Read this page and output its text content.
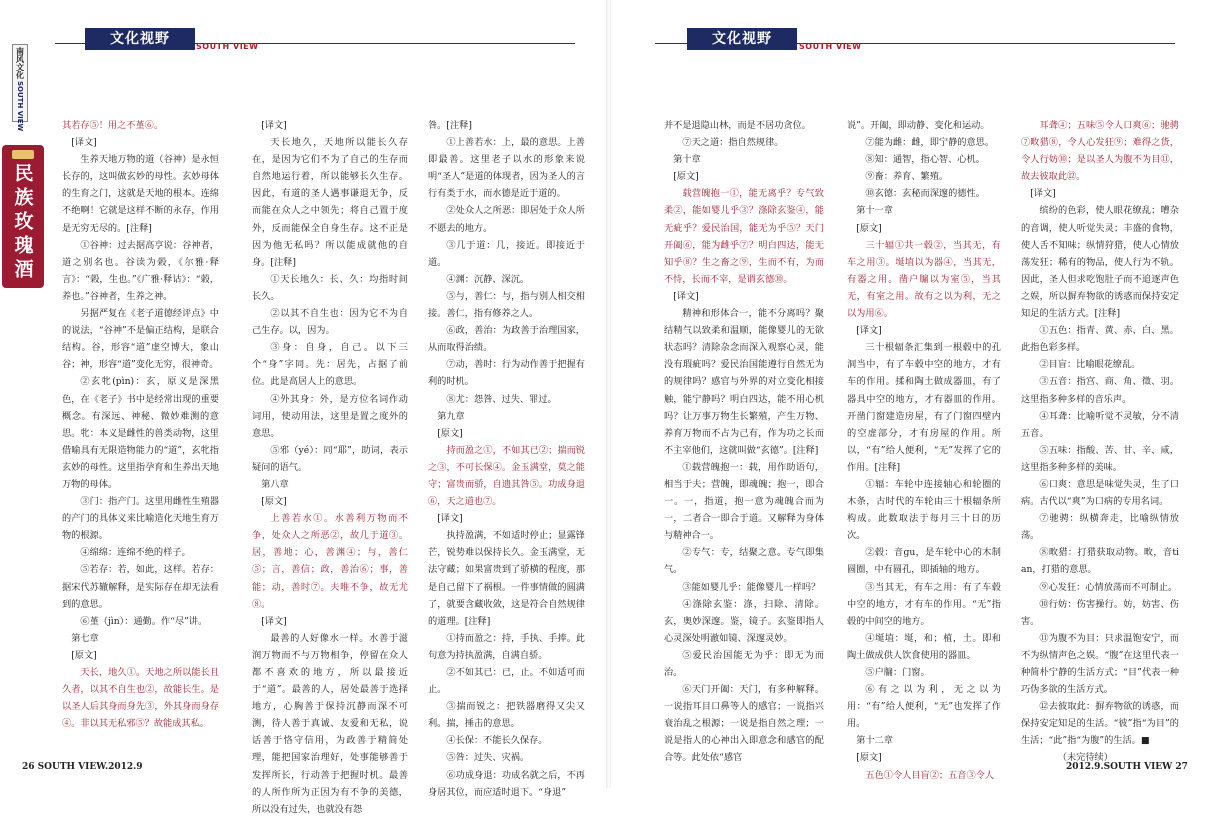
文化视野	SOUTH VIEW
南风文化
SOUTH VIEW
民族玫瑰酒

其若存⑤！用之不堇⑥。

[译文]

生养天地万物的道（谷神）是永恒长存的，这叫做玄妙的母性。玄妙母体的生育之门，这就是天地的根本。连绵不绝啊！它就是这样不断的永存，作用是无穷无尽的。[注释]

①谷神：过去据高亨说：谷神者，道之别名也。谷读为榖，《尔雅·释言》：“榖，生也。”《广雅·释诂》：“榖，养也。”谷神者，生养之神。

另据严复在《老子道德经评点》中的说法，“谷神”不是偏正结构，是联合结构。谷，形容“道”虚空博大，象山谷；神，形容“道”变化无穷，很神奇。

②玄牝(pìn)：玄，原义是深黑色，在《老子》书中是经常出现的重要概念。有深远、神秘、微妙难测的意思。牝：本义是雌性的兽类动物，这里借喻具有无限造物能力的“道”，玄牝指玄妙的母性。这里指孕育和生养出天地万物的母体。

③门：指产门。这里用雌性生殖器的产门的具体义来比喻造化天地生育万物的根源。

④绵绵：连绵不绝的样子。

⑤若存：若，如此，这样。若存：据宋代苏辙解释，是实际存在却无法看到的意思。

⑥堇（jìn）：通勤。作“尽”讲。

第七章

[原文]

天长，地久①。天地之所以能长且久者，以其不自生也②，故能长生。是以圣人后其身而身先③，外其身而身存④。非以其无私邪⑤？故能成其私。

[译文]

天长地久，天地所以能长久存在，是因为它们不为了自己的生存而自然地运行着，所以能够长久生存。因此，有道的圣人遇事谦退无争，反而能在众人之中领先；将自己置于度外，反而能保全自身生存。这不正是因为他无私吗？所以能成就他的自身。[注释]

①天长地久：长、久：均指时间长久。

②以其不自生也：因为它不为自己生存。以，因为。

③身：自身，自己。以下三个“身”字同。先：居先，占据了前位。此是高居人上的意思。

④外其身：外，是方位名词作动词用，使动用法，这里是置之度外的意思。

⑤邪（yé）：同“耶”，助词，表示疑问的语气。

第八章

[原文]

上善若水①。水善利万物而不争，处众人之所恶②，故几于道③。居，善地；心，善渊④；与，善仁⑤；言，善信；政，善治⑥；事，善能；动，善时⑦。夫唯不争，故无尤⑧。

[译文]

最善的人好像水一样。水善于滋润万物而不与万物相争，停留在众人都不喜欢的地方，所以最接近于“道”。最善的人，居处最善于选择地方，心胸善于保持沉静而深不可测，待人善于真诚、友爱和无私，说话善于恪守信用，为政善于精简处理，能把国家治理好，处事能够善于发挥所长，行动善于把握时机。最善的人所作所为正因为有不争的美德，所以没有过失，也就没有怨

咎。[注释]

①上善若水：上，最的意思。上善即最善。这里老子以水的形象来说明“圣人”是道的体现者，因为圣人的言行有类于水，而水德是近于道的。

②处众人之所恶：即居处于众人所不愿去的地方。

③几于道：几，接近。即接近于道。

④渊：沉静、深沉。

⑤与，善仁：与，指与别人相交相接。善仁，指有修养之人。

⑥政，善治：为政善于治理国家，从而取得治绩。

⑦动，善时：行为动作善于把握有利的时机。

⑧尤：怨咎、过失、罪过。

第九章

[原文]

持而盈之①，不如其已②；揣而锐之③，不可长保④。金玉满堂，莫之能守；富贵而骄，自遗其咎⑤。功成身退⑥，天之道也⑦。

[译文]

执持盈满，不如适时停止；显露锋芒，锐势难以保持长久。金玉满堂，无法守藏；如果富贵到了骄横的程度，那是自己留下了祸根。一件事情做的圆满了，就要含藏收敛，这是符合自然规律的道理。[注释]

①持而盈之：持，手执、手捧。此句意为持执盈满，自满自骄。

②不如其已：已，止。不如适可而止。

③揣而锐之：把铁器磨得又尖又利。揣，捶击的意思。

④长保：不能长久保存。

⑤咎：过失、灾祸。

⑥功成身退：功成名就之后，不再身居其位，而应适时退下。“身退”

26 SOUTH VIEW.2012.9
文化视野	SOUTH VIEW

并不是退隐山林，而是不居功贪位。

⑦天之道：指自然规律。

第十章

[原文]

载营魄抱一①，能无离乎？专气致柔②，能如婴儿乎③？涤除玄鉴④，能无疵乎？爱民治国，能无为乎⑤？天门开阖⑥，能为雌乎⑦？明白四达，能无知乎⑧？生之畜之⑨，生而不有，为而不恃，长而不宰，是谓玄德⑩。

[译文]

精神和形体合一，能不分离吗？聚结精气以致柔和温顺，能像婴儿的无欲状态吗？清除杂念而深入观察心灵，能没有瑕疵吗？爱民治国能遵行自然无为的规律吗？感官与外界的对立变化相接触，能宁静吗？明白四达，能不用心机吗？让万事万物生长繁殖，产生万物、养育万物而不占为己有，作为功之长而不主宰他们，这就叫做“玄德”。[注释]

①载营魄抱一：载，用作助语句，相当于夫；营魄，即魂魄；抱一，即合一。一，指道，抱一意为魂魄合而为一，二者合一即合于道。又解释为身体与精神合一。

②专气：专，结聚之意。专气即集气。

③能如婴儿乎：能像婴儿一样吗？

④涤除玄鉴：涤，扫除、清除。玄，奥妙深邃。鉴，镜子。玄鉴即指人心灵深处明澈如镜、深邃灵妙。

⑤爱民治国能无为乎：即无为而治。

⑥天门开阖：天门，有多种解释。一说指耳目口鼻等人的感官；一说指兴衰治乱之根源；一说是指自然之理；一说是指人的心神出入即意念和感官的配合等。此处依“感官

说”。开阖，即动静、变化和运动。

⑦能为雌：雌，即宁静的意思。

⑧知：通智，指心智、心机。

⑨畜：养育、繁殖。

⑩玄德：玄秘而深邃的德性。

第十一章

[原文]

三十辐①共一毂②，当其无，有车之用③。埏埴以为器④，当其无，有器之用。凿户牖以为室⑤，当其无，有室之用。故有之以为利，无之以为用⑥。

[译文]

三十根辐条汇集到一根毂中的孔洞当中，有了车毂中空的地方，才有车的作用。揉和陶土做成器皿，有了器具中空的地方，才有器皿的作用。开凿门窗建造房屋，有了门窗四壁内的空虚部分，才有房屋的作用。所以，“有”给人便利，“无”发挥了它的作用。[注释]

①辐：车轮中连接轴心和轮圈的木条，古时代的车轮由三十根辐条所构成。此数取法于每月三十日的历次。

②毂：音gu，是车轮中心的木制圆圈，中有圆孔，即插轴的地方。

③当其无，有车之用：有了车毂中空的地方，才有车的作用。“无”指毂的中间空的地方。

④埏埴：埏，和；植，土。即和陶土做成供人饮食使用的器皿。

⑤户牖：门窗。

⑥有之以为利，无之以为用：“有”给人便利，“无”也发挥了作用。

第十二章

[原文]

五色①令人目盲②；五音③令人

耳聋④；五味⑤令人口爽⑥；驰骋⑦畋猎⑧，令人心发狂⑨；难得之货，令人行妨⑩；是以圣人为腹不为目⑪，故去彼取此⑫。

[译文]

缤纷的色彩，使人眼花缭乱；嘈杂的音调，使人听觉失灵；丰盛的食物，使人舌不知味；纵情狩猎，使人心情放荡发狂；稀有的物品，使人行为不轨。因此，圣人但求吃饱肚子而不追逐声色之娱，所以摒弃物欲的诱惑而保持安定知足的生活方式。[注释]

①五色：指青、黄、赤、白、黑。此指色彩多样。

②目盲：比喻眼花缭乱。

③五音：指宫、商、角、徵、羽。这里指多种多样的音乐声。

④耳聋：比喻听觉不灵敏，分不清五音。

⑤五味：指酸、苦、甘、辛、咸，这里指多种多样的美味。

⑥口爽：意思是味觉失灵，生了口病。古代以“爽”为口病的专用名词。

⑦驰骋：纵横奔走，比喻纵情放荡。

⑧畋猎：打猎获取动物。畋，音tian，打猎的意思。

⑨心发狂：心情放荡而不可制止。

⑩行妨：伤害操行。妨，妨害、伤害。

⑪为腹不为目：只求温饱安宁，而不为纵情声色之娱。“腹”在这里代表一种简朴宁静的生活方式；“目”代表一种巧伪多欲的生活方式。

⑫去彼取此：摒弃物欲的诱惑，而保持安定知足的生活。“彼”指“为目”的生活；“此”指“为腹”的生活。■

（未完待续）

2012.9.SOUTH VIEW 27
